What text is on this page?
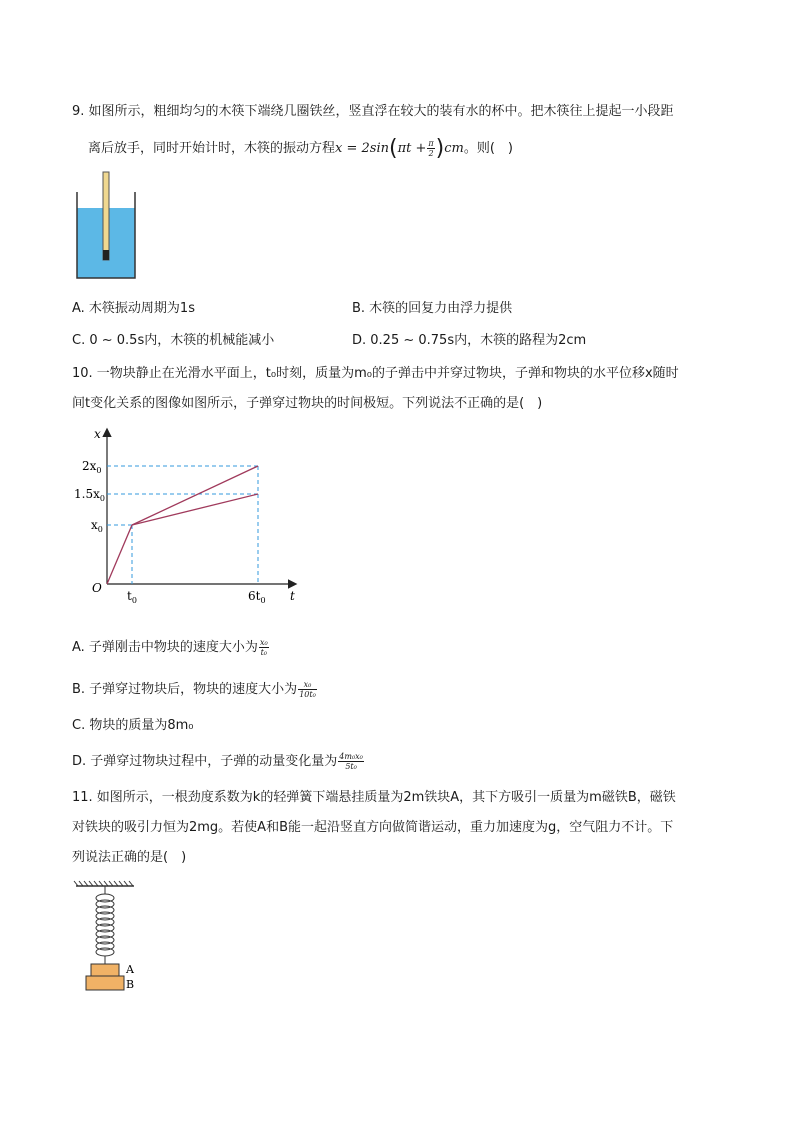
9. 如图所示，粗细均匀的木筷下端绕几圈铁丝，竖直浮在较大的装有水的杯中。把木筷往上提起一小段距
离后放手，同时开始计时，木筷的振动方程$x = 2\sin(\pi t + \frac{\pi}{2} )cm$。则(　)
A. 木筷振动周期为1s	B. 木筷的回复力由浮力提供
C. 0 ~ 0.5s内，木筷的机械能减小	D. 0.25 ~ 0.75s内，木筷的路程为2cm
10. 一物块静止在光滑水平面上，t₀时刻，质量为m₀的子弹击中并穿过物块，子弹和物块的水平位移x随时
间t变化关系的图像如图所示，子弹穿过物块的时间极短。下列说法不正确的是(　)
x
t
O
$2x_0$
$1.5x_0$
$x_0$
$t_0$	$6t_0$
A. 子弹刚击中物块的速度大小为 $\frac{\text{x₀}}{\text{t₀}}$
B. 子弹穿过物块后，物块的速度大小为 $\frac{\text{x₀}}{\text{10t₀}}$
C. 物块的质量为8m₀
D. 子弹穿过物块过程中，子弹的动量变化量为 $\frac{\text{4m₀x₀}}{\text{5t₀}}$
11. 如图所示，一根劲度系数为k的轻弹簧下端悬挂质量为2m铁块A，其下方吸引一质量为m磁铁B，磁铁
对铁块的吸引力恒为2mg。若使A和B能一起沿竖直方向做简谐运动，重力加速度为g，空气阻力不计。下
列说法正确的是(　)
A
B
